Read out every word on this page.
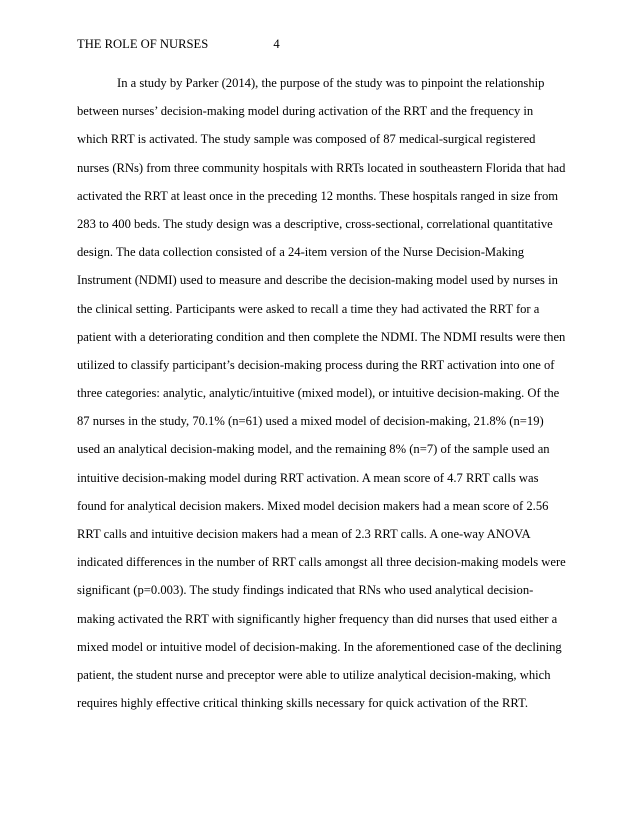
THE ROLE OF NURSES	4
In a study by Parker (2014), the purpose of the study was to pinpoint the relationship
between nurses’ decision-making model during activation of the RRT and the frequency in
which RRT is activated. The study sample was composed of 87 medical-surgical registered
nurses (RNs) from three community hospitals with RRTs located in southeastern Florida that had
activated the RRT at least once in the preceding 12 months. These hospitals ranged in size from
283 to 400 beds. The study design was a descriptive, cross-sectional, correlational quantitative
design. The data collection consisted of a 24-item version of the Nurse Decision-Making
Instrument (NDMI) used to measure and describe the decision-making model used by nurses in
the clinical setting. Participants were asked to recall a time they had activated the RRT for a
patient with a deteriorating condition and then complete the NDMI. The NDMI results were then
utilized to classify participant’s decision-making process during the RRT activation into one of
three categories: analytic, analytic/intuitive (mixed model), or intuitive decision-making. Of the
87 nurses in the study, 70.1% (n=61) used a mixed model of decision-making, 21.8% (n=19)
used an analytical decision-making model, and the remaining 8% (n=7) of the sample used an
intuitive decision-making model during RRT activation. A mean score of 4.7 RRT calls was
found for analytical decision makers. Mixed model decision makers had a mean score of 2.56
RRT calls and intuitive decision makers had a mean of 2.3 RRT calls. A one-way ANOVA
indicated differences in the number of RRT calls amongst all three decision-making models were
significant (p=0.003). The study findings indicated that RNs who used analytical decision-
making activated the RRT with significantly higher frequency than did nurses that used either a
mixed model or intuitive model of decision-making. In the aforementioned case of the declining
patient, the student nurse and preceptor were able to utilize analytical decision-making, which
requires highly effective critical thinking skills necessary for quick activation of the RRT.
